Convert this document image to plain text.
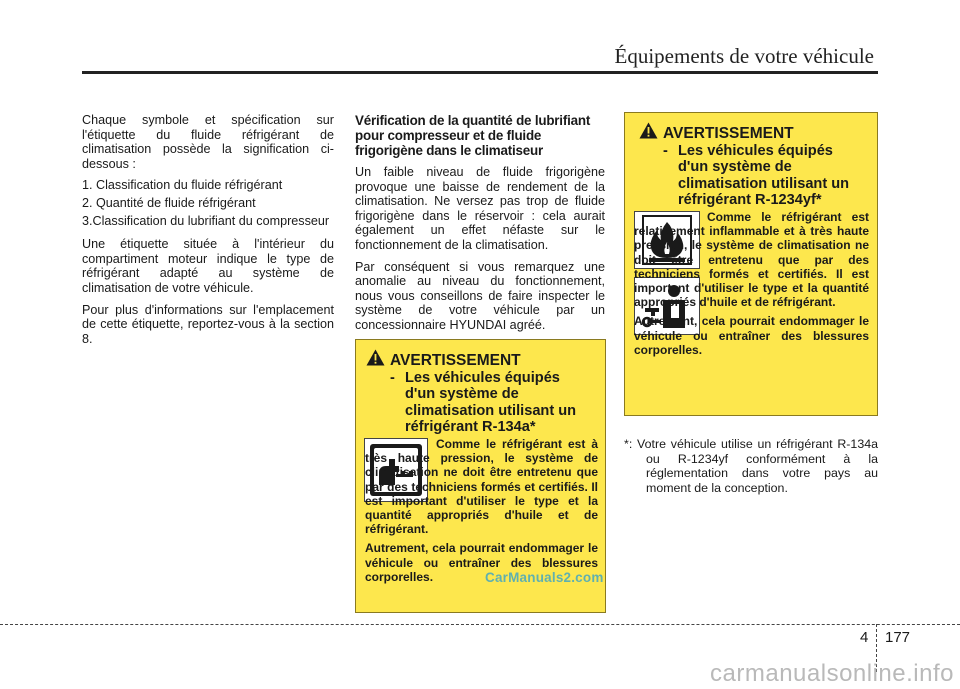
Équipements de votre véhicule

Chaque symbole et spécification sur l'étiquette du fluide réfrigérant de climatisation possède la signification ci-dessous :

1. Classification du fluide réfrigérant
2. Quantité de fluide réfrigérant
3.Classification du lubrifiant du compresseur

Une étiquette située à l'intérieur du compartiment moteur indique le type de réfrigérant adapté au système de climatisation de votre véhicule.

Pour plus d'informations sur l'emplacement de cette étiquette, reportez-vous à la section 8.

Vérification de la quantité de lubrifiant pour compresseur et de fluide frigorigène dans le climatiseur

Un faible niveau de fluide frigorigène provoque une baisse de rendement de la climatisation. Ne versez pas trop de fluide frigorigène dans le réservoir : cela aurait également un effet néfaste sur le fonctionnement de la climatisation.

Par conséquent si vous remarquez une anomalie au niveau du fonctionnement, nous vous conseillons de faire inspecter le système de votre véhicule par un concessionnaire HYUNDAI agréé.

AVERTISSEMENT
- Les véhicules équipés d'un système de climatisation utilisant un réfrigérant R-134a*

Comme le réfrigérant est à très haute pression, le système de climatisation ne doit être entretenu que par des techniciens formés et certifiés. Il est important d'utiliser le type et la quantité appropriés d'huile et de réfrigérant.

Autrement, cela pourrait endommager le véhicule ou entraîner des blessures corporelles.

AVERTISSEMENT
- Les véhicules équipés d'un système de climatisation utilisant un réfrigérant R-1234yf*

Comme le réfrigérant est relativement inflammable et à très haute pression, le système de climatisation ne doit être entretenu que par des techniciens formés et certifiés. Il est important d'utiliser le type et la quantité appropriés d'huile et de réfrigérant.

Autrement, cela pourrait endommager le véhicule ou entraîner des blessures corporelles.

*: Votre véhicule utilise un réfrigérant R-134a ou R-1234yf conformément à la réglementation dans votre pays au moment de la conception.
4 177
CarManuals2.com
carmanualsonline.info
